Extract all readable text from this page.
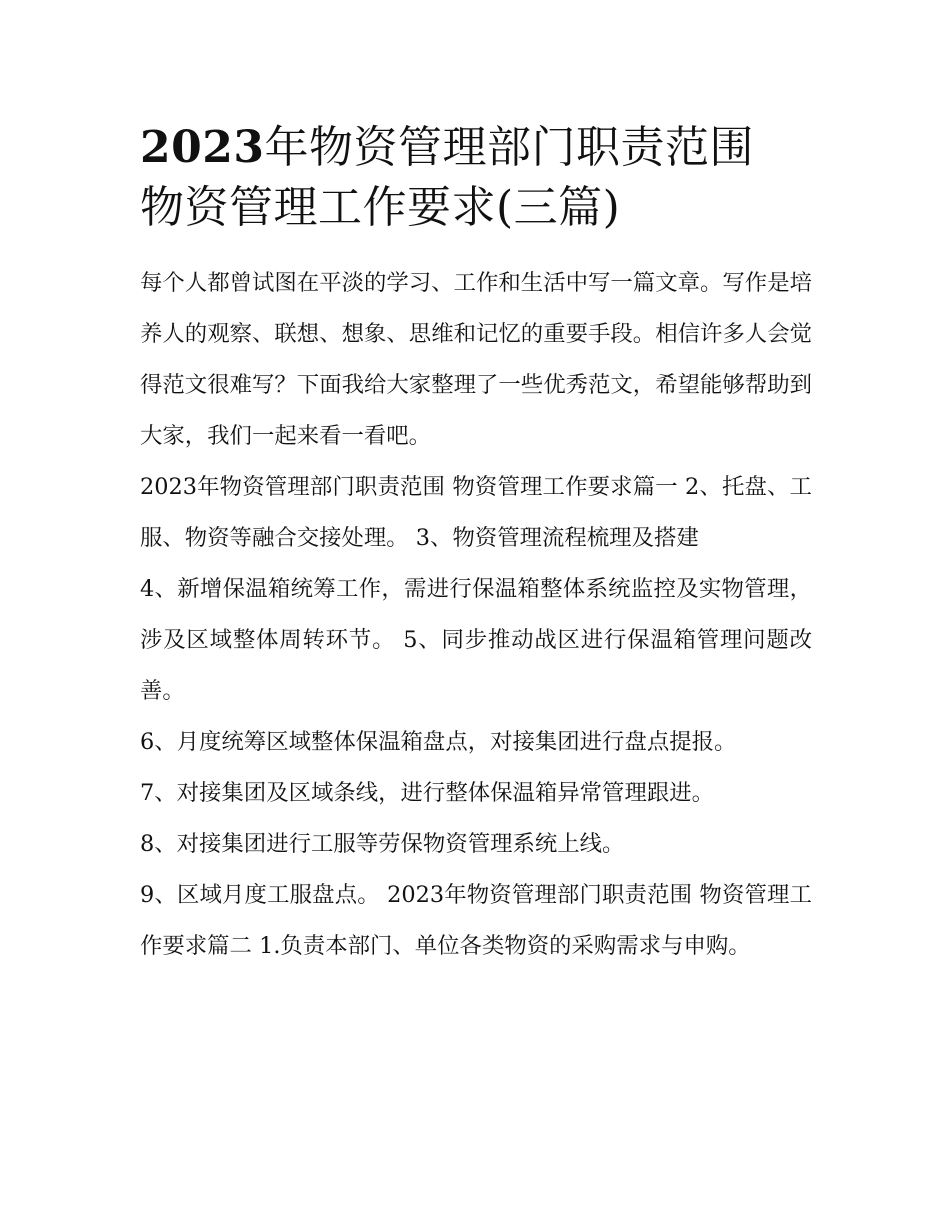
2023年物资管理部门职责范围
物资管理工作要求(三篇)

每个人都曾试图在平淡的学习、工作和生活中写一篇文章。写作是培养人的观察、联想、想象、思维和记忆的重要手段。相信许多人会觉得范文很难写？下面我给大家整理了一些优秀范文，希望能够帮助到大家，我们一起来看一看吧。

2023年物资管理部门职责范围 物资管理工作要求篇一 2、托盘、工服、物资等融合交接处理。 3、物资管理流程梳理及搭建

4、新增保温箱统筹工作，需进行保温箱整体系统监控及实物管理，涉及区域整体周转环节。 5、同步推动战区进行保温箱管理问题改善。

6、月度统筹区域整体保温箱盘点，对接集团进行盘点提报。

7、对接集团及区域条线，进行整体保温箱异常管理跟进。

8、对接集团进行工服等劳保物资管理系统上线。

9、区域月度工服盘点。 2023年物资管理部门职责范围 物资管理工作要求篇二 1.负责本部门、单位各类物资的采购需求与申购。
